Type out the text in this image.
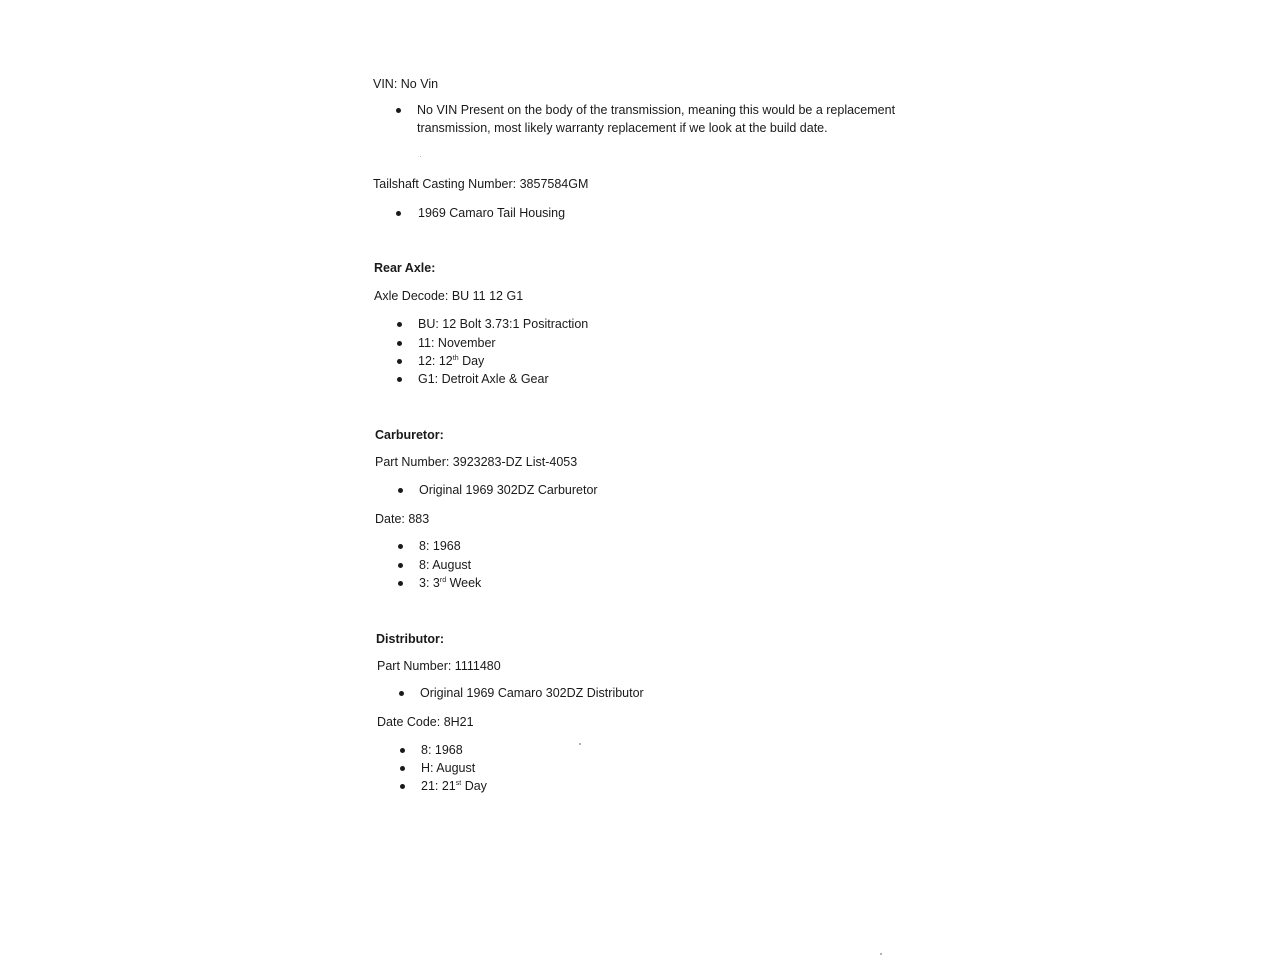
VIN: No Vin
No VIN Present on the body of the transmission, meaning this would be a replacement
transmission, most likely warranty replacement if we look at the build date.
Tailshaft Casting Number: 3857584GM
1969 Camaro Tail Housing
Rear Axle:
Axle Decode: BU 11 12 G1
BU: 12 Bolt 3.73:1 Positraction
11: November
12: 12th Day
G1: Detroit Axle & Gear
Carburetor:
Part Number: 3923283-DZ List-4053
Original 1969 302DZ Carburetor
Date: 883
8: 1968
8: August
3: 3rd Week
Distributor:
Part Number: 1111480
Original 1969 Camaro 302DZ Distributor
Date Code: 8H21
8: 1968
H: August
21: 21st Day
